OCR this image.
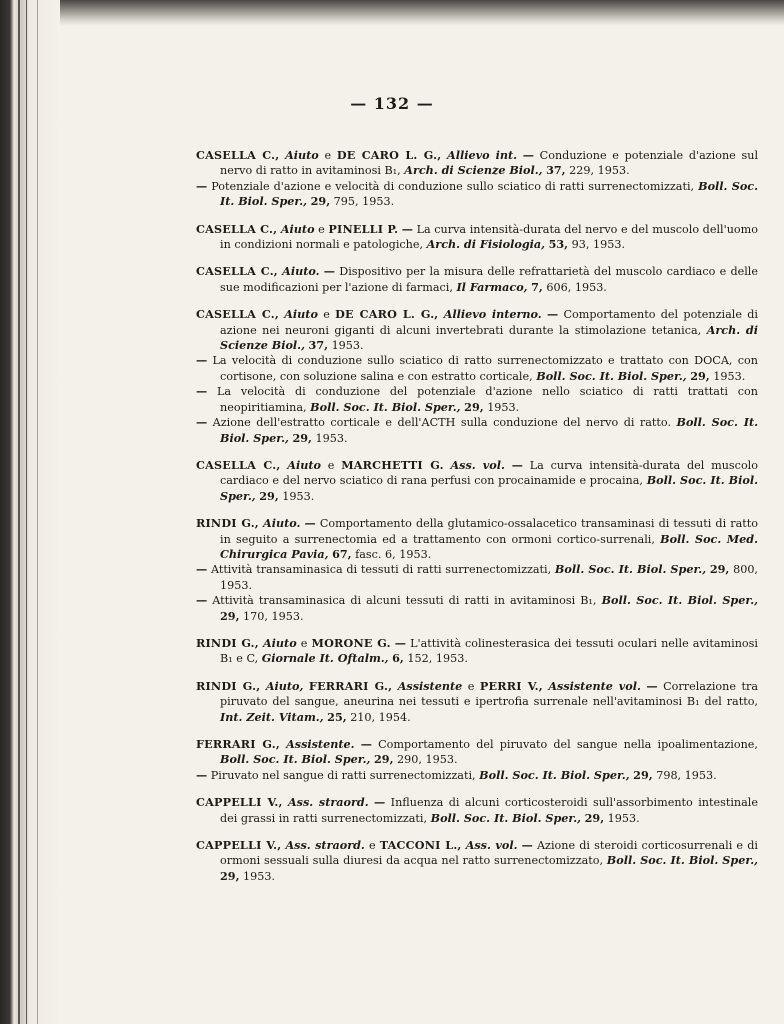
— 132 —

CASELLA C., Aiuto e DE CARO L. G., Allievo int. — Conduzione e potenziale d'azione sul nervo di ratto in avitaminosi B₁, Arch. di Scienze Biol., 37, 229, 1953.

— Potenziale d'azione e velocità di conduzione sullo sciatico di ratti surrenectomizzati, Boll. Soc. It. Biol. Sper., 29, 795, 1953.

CASELLA C., Aiuto e PINELLI P. — La curva intensità-durata del nervo e del muscolo dell'uomo in condizioni normali e patologiche, Arch. di Fisiologia, 53, 93, 1953.

CASELLA C., Aiuto. — Dispositivo per la misura delle refrattarietà del muscolo cardiaco e delle sue modificazioni per l'azione di farmaci, Il Farmaco, 7, 606, 1953.

CASELLA C., Aiuto e DE CARO L. G., Allievo interno. — Comportamento del potenziale di azione nei neuroni giganti di alcuni invertebrati durante la stimolazione tetanica, Arch. di Scienze Biol., 37, 1953.

— La velocità di conduzione sullo sciatico di ratto surrenectomizzato e trattato con DOCA, con cortisone, con soluzione salina e con estratto corticale, Boll. Soc. It. Biol. Sper., 29, 1953.

— La velocità di conduzione del potenziale d'azione nello sciatico di ratti trattati con neopiritiamina, Boll. Soc. It. Biol. Sper., 29, 1953.

— Azione dell'estratto corticale e dell'ACTH sulla conduzione del nervo di ratto. Boll. Soc. It. Biol. Sper., 29, 1953.

CASELLA C., Aiuto e MARCHETTI G. Ass. vol. — La curva intensità-durata del muscolo cardiaco e del nervo sciatico di rana perfusi con procainamide e procaina, Boll. Soc. It. Biol. Sper., 29, 1953.

RINDI G., Aiuto. — Comportamento della glutamico-ossalacetico transaminasi di tessuti di ratto in seguito a surrenectomia ed a trattamento con ormoni cortico-surrenali, Boll. Soc. Med. Chirurgica Pavia, 67, fasc. 6, 1953.

— Attività transaminasica di tessuti di ratti surrenectomizzati, Boll. Soc. It. Biol. Sper., 29, 800, 1953.

— Attività transaminasica di alcuni tessuti di ratti in avitaminosi B₁, Boll. Soc. It. Biol. Sper., 29, 170, 1953.

RINDI G., Aiuto e MORONE G. — L'attività colinesterasica dei tessuti oculari nelle avitaminosi B₁ e C, Giornale It. Oftalm., 6, 152, 1953.

RINDI G., Aiuto, FERRARI G., Assistente e PERRI V., Assistente vol. — Correlazione tra piruvato del sangue, aneurina nei tessuti e ipertrofia surrenale nell'avitaminosi B₁ del ratto, Int. Zeit. Vitam., 25, 210, 1954.

FERRARI G., Assistente. — Comportamento del piruvato del sangue nella ipoalimentazione, Boll. Soc. It. Biol. Sper., 29, 290, 1953.

— Piruvato nel sangue di ratti surrenectomizzati, Boll. Soc. It. Biol. Sper., 29, 798, 1953.

CAPPELLI V., Ass. straord. — Influenza di alcuni corticosteroidi sull'assorbimento intestinale dei grassi in ratti surrenectomizzati, Boll. Soc. It. Biol. Sper., 29, 1953.

CAPPELLI V., Ass. straord. e TACCONI L., Ass. vol. — Azione di steroidi corticosurrenali e di ormoni sessuali sulla diuresi da acqua nel ratto surrenectomizzato, Boll. Soc. It. Biol. Sper., 29, 1953.
